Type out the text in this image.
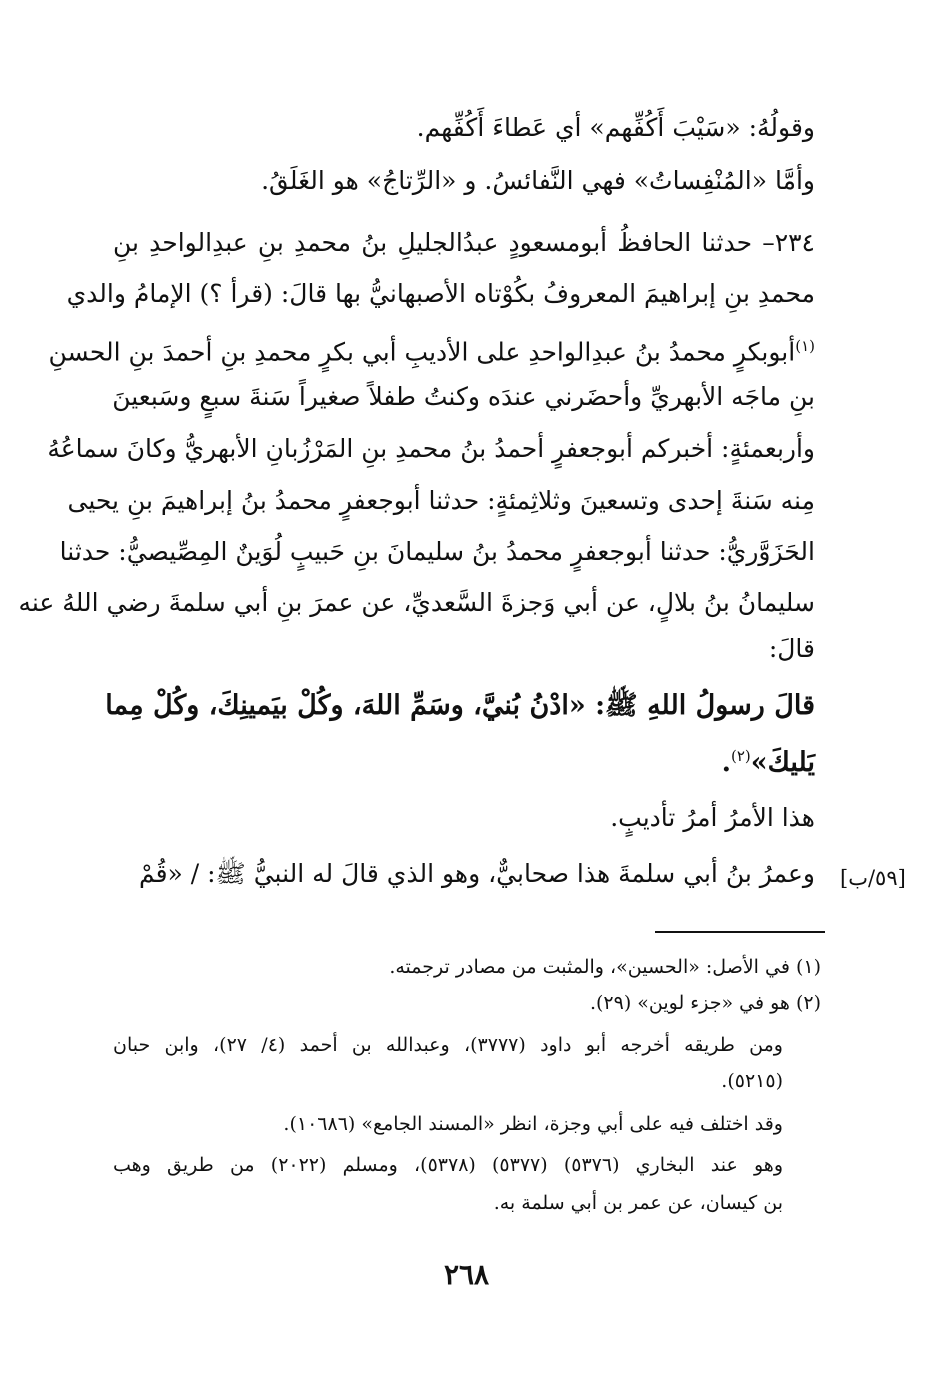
وقولُهُ: «سَيْبَ أَكُفِّهم» أي عَطاءَ أَكُفِّهم.
وأمَّا «المُنْفِساتُ» فهي النَّفائسُ. و «الرِّتاجُ» هو الغَلَقُ.
٢٣٤– حدثنا الحافظُ أبومسعودٍ عبدُالجليلِ بنُ محمدِ بنِ عبدِالواحدِ بنِ
محمدِ بنِ إبراهيمَ المعروفُ بكُوْتاه الأصبهانيُّ بها قالَ: (قرأ ؟) الإمامُ والدي
$^{(١)}$أبوبكرٍ محمدُ بنُ عبدِالواحدِ على الأديبِ أبي بكرٍ محمدِ بنِ أحمدَ بنِ الحسنِ
بنِ ماجَه الأبهريِّ وأحضَرني عندَه وكنتُ طفلاً صغيراً سَنةَ سبعٍ وسَبعينَ
وأربعمئةٍ: أخبركم أبوجعفرٍ أحمدُ بنُ محمدِ بنِ المَرْزُبانِ الأبهريُّ وكانَ سماعُهُ
مِنه سَنةَ إحدى وتسعينَ وثلاثِمئةٍ: حدثنا أبوجعفرٍ محمدُ بنُ إبراهيمَ بنِ يحيى
الحَزَوَّريُّ: حدثنا أبوجعفرٍ محمدُ بنُ سليمانَ بنِ حَبيبٍ لُوَينٌ المِصِّيصيُّ: حدثنا
سليمانُ بنُ بلالٍ، عن أبي وَجزةَ السَّعديِّ، عن عمرَ بنِ أبي سلمةَ رضي اللهُ عنه
قالَ:
قالَ رسولُ اللهِ ﷺ: «ادْنُ بُنيَّ، وسَمِّ اللهَ، وكُلْ بيَمينِكَ، وكُلْ مِما
يَليكَ»$^{(٢)}$.
هذا الأمرُ أمرُ تأديبٍ.
وعمرُ بنُ أبي سلمةَ هذا صحابيٌّ، وهو الذي قالَ له النبيُّ ﷺ: / «قُمْ [٥٩/ب]
(١) في الأصل: «الحسين»، والمثبت من مصادر ترجمته.
(٢) هو في «جزء لوين» (٢٩).
ومن طريقه أخرجه أبو داود (٣٧٧٧)، وعبدالله بن أحمد (٤/ ٢٧)، وابن حبان
(٥٢١٥).
وقد اختلف فيه على أبي وجزة، انظر «المسند الجامع» (١٠٦٨٦).
وهو عند البخاري (٥٣٧٦) (٥٣٧٧) (٥٣٧٨)، ومسلم (٢٠٢٢) من طريق وهب
بن كيسان، عن عمر بن أبي سلمة به.
٢٦٨
